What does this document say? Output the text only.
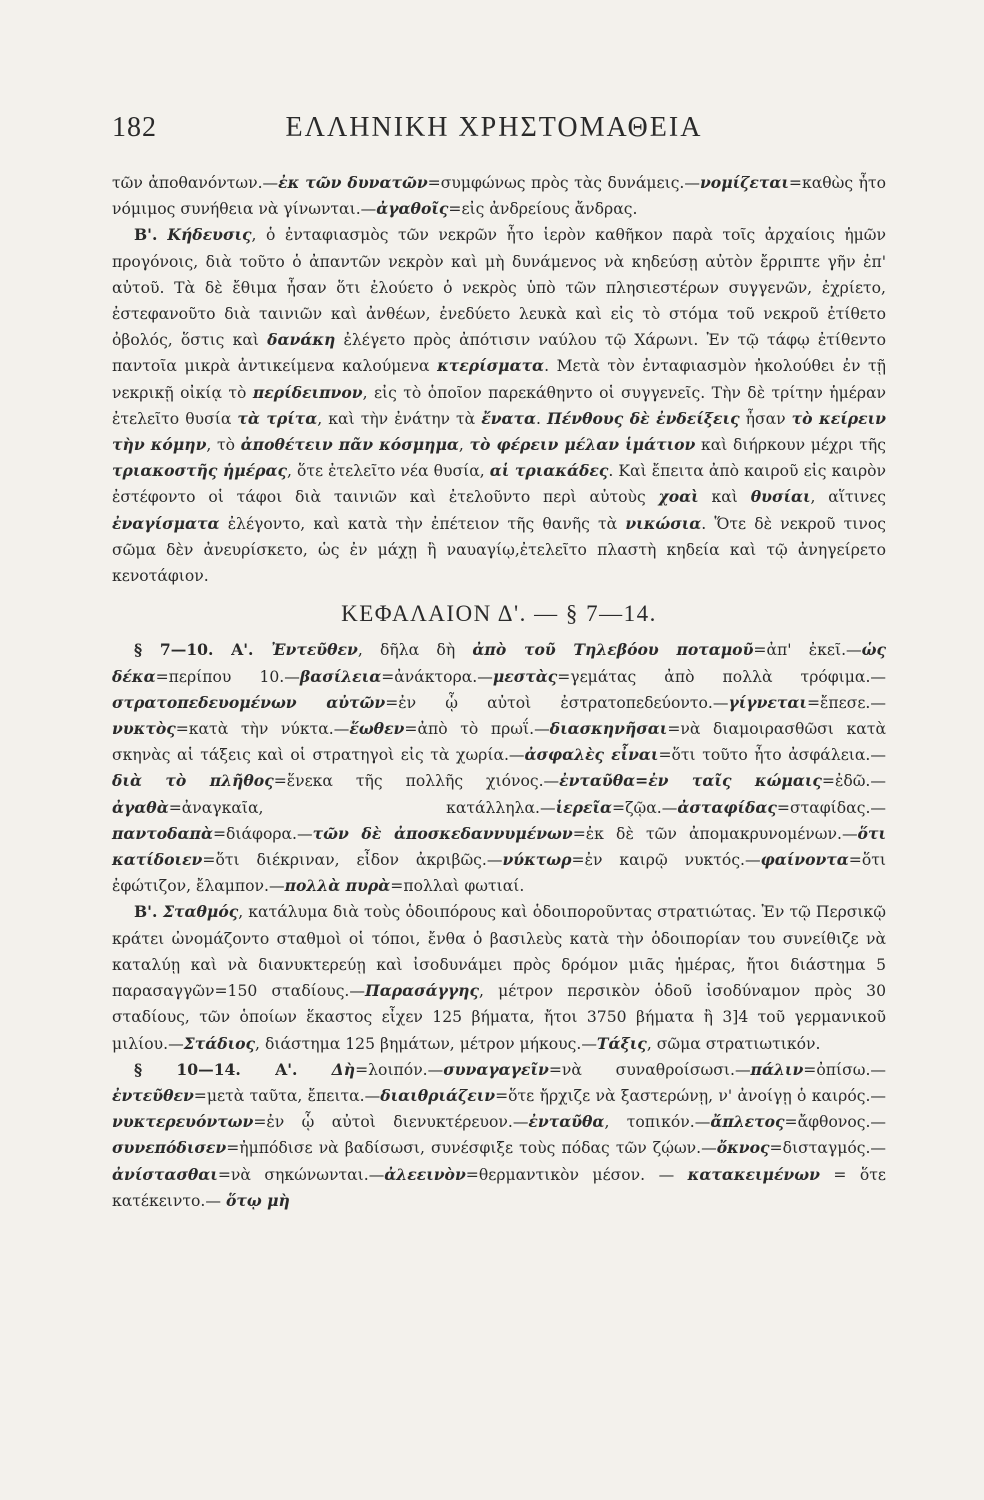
182	ΕΛΛΗΝΙΚΗ ΧΡΗΣΤΟΜΑΘΕΙΑ

τῶν ἀποθανόντων.—ἐκ τῶν δυνατῶν=συμφώνως πρὸς τὰς δυνάμεις.—νομίζεται=καθὼς ἦτο νόμιμος συνήθεια νὰ γίνωνται.—ἀγαθοῖς=εἰς ἀνδρείους ἄνδρας.

Β'. Κήδευσις, ὁ ἐνταφιασμὸς τῶν νεκρῶν ἦτο ἱερὸν καθῆκον παρὰ τοῖς ἀρχαίοις ἡμῶν προγόνοις, διὰ τοῦτο ὁ ἀπαντῶν νεκρὸν καὶ μὴ δυνάμενος νὰ κηδεύσῃ αὐτὸν ἔρριπτε γῆν ἐπ' αὐτοῦ. Τὰ δὲ ἔθιμα ἦσαν ὅτι ἐλούετο ὁ νεκρὸς ὑπὸ τῶν πλησιεστέρων συγγενῶν, ἐχρίετο, ἐστεφανοῦτο διὰ ταινιῶν καὶ ἀνθέων, ἐνεδύετο λευκὰ καὶ εἰς τὸ στόμα τοῦ νεκροῦ ἐτίθετο ὀβολός, ὅστις καὶ δανάκη ἐλέγετο πρὸς ἀπότισιν ναύλου τῷ Χάρωνι. Ἐν τῷ τάφῳ ἐτίθεντο παντοῖα μικρὰ ἀντικείμενα καλούμενα κτερίσματα. Μετὰ τὸν ἐνταφιασμὸν ἠκολούθει ἐν τῇ νεκρικῇ οἰκίᾳ τὸ περίδειπνον, εἰς τὸ ὁποῖον παρεκάθηντο οἱ συγγενεῖς. Τὴν δὲ τρίτην ἡμέραν ἐτελεῖτο θυσία τὰ τρίτα, καὶ τὴν ἐνάτην τὰ ἔνατα. Πένθους δὲ ἐνδείξεις ἦσαν τὸ κείρειν τὴν κόμην, τὸ ἀποθέτειν πᾶν κόσμημα, τὸ φέρειν μέλαν ἱμάτιον καὶ διήρκουν μέχρι τῆς τριακοστῆς ἡμέρας, ὅτε ἐτελεῖτο νέα θυσία, αἱ τριακάδες. Καὶ ἔπειτα ἀπὸ καιροῦ εἰς καιρὸν ἐστέφοντο οἱ τάφοι διὰ ταινιῶν καὶ ἐτελοῦντο περὶ αὐτοὺς χοαὶ καὶ θυσίαι, αἵτινες ἐναγίσματα ἐλέγοντο, καὶ κατὰ τὴν ἐπέτειον τῆς θανῆς τὰ νικώσια. Ὅτε δὲ νεκροῦ τινος σῶμα δὲν ἀνευρίσκετο, ὡς ἐν μάχῃ ἢ ναυαγίῳ,ἐτελεῖτο πλαστὴ κηδεία καὶ τῷ ἀνηγείρετο κενοτάφιον.

ΚΕΦΑΛΑΙΟΝ Δ'. — § 7—14.

§ 7—10. Α'. Ἐντεῦθεν, δῆλα δὴ ἀπὸ τοῦ Τηλεβόου ποταμοῦ=ἀπ' ἐκεῖ.—ὡς δέκα=περίπου 10.—βασίλεια=ἀνάκτορα.—μεστὰς=γεμάτας ἀπὸ πολλὰ τρόφιμα.—στρατοπεδευομένων αὐτῶν=ἐν ᾧ αὐτοὶ ἐστρατοπεδεύοντο.—γίγνεται=ἔπεσε.—νυκτὸς=κατὰ τὴν νύκτα.—ἕωθεν=ἀπὸ τὸ πρωΐ.—διασκηνῆσαι=νὰ διαμοιρασθῶσι κατὰ σκηνὰς αἱ τάξεις καὶ οἱ στρατηγοὶ εἰς τὰ χωρία.—ἀσφαλὲς εἶναι=ὅτι τοῦτο ἦτο ἀσφάλεια.—διὰ τὸ πλῆθος=ἕνεκα τῆς πολλῆς χιόνος.—ἐνταῦθα=ἐν ταῖς κώμαις=ἐδῶ.—ἀγαθὰ=ἀναγκαῖα, κατάλληλα.—ἱερεῖα=ζῷα.—ἀσταφίδας=σταφίδας.—παντοδαπὰ=διάφορα.—τῶν δὲ ἀποσκεδαννυμένων=ἐκ δὲ τῶν ἀπομακρυνομένων.—ὅτι κατίδοιεν=ὅτι διέκριναν, εἶδον ἀκριβῶς.—νύκτωρ=ἐν καιρῷ νυκτός.—φαίνοντα=ὅτι ἐφώτιζον, ἔλαμπον.—πολλὰ πυρὰ=πολλαὶ φωτιαί.

Β'. Σταθμός, κατάλυμα διὰ τοὺς ὁδοιπόρους καὶ ὁδοιποροῦντας στρατιώτας. Ἐν τῷ Περσικῷ κράτει ὠνομάζοντο σταθμοὶ οἱ τόποι, ἔνθα ὁ βασιλεὺς κατὰ τὴν ὁδοιπορίαν του συνείθιζε νὰ καταλύῃ καὶ νὰ διανυκτερεύῃ καὶ ἰσοδυνάμει πρὸς δρόμον μιᾶς ἡμέρας, ἤτοι διάστημα 5 παρασαγγῶν=150 σταδίους.—Παρασάγγης, μέτρον περσικὸν ὁδοῦ ἰσοδύναμον πρὸς 30 σταδίους, τῶν ὁποίων ἕκαστος εἶχεν 125 βήματα, ἤτοι 3750 βήματα ἢ 3]4 τοῦ γερμανικοῦ μιλίου.—Στάδιος, διάστημα 125 βημάτων, μέτρον μήκους.—Τάξις, σῶμα στρατιωτικόν.

§ 10—14. Α'. Δὴ=λοιπόν.—συναγαγεῖν=νὰ συναθροίσωσι.—πάλιν=ὀπίσω.—ἐντεῦθεν=μετὰ ταῦτα, ἔπειτα.—διαιθριάζειν=ὅτε ἤρχιζε νὰ ξαστερώνῃ, ν' ἀνοίγῃ ὁ καιρός.—νυκτερευόντων=ἐν ᾧ αὐτοὶ διενυκτέρευον.—ἐνταῦθα, τοπικόν.—ἄπλετος=ἄφθονος.—συνεπόδισεν=ἠμπόδισε νὰ βαδίσωσι, συνέσφιξε τοὺς πόδας τῶν ζῴων.—ὄκνος=δισταγμός.—ἀνίστασθαι=νὰ σηκώνωνται.—ἀλεεινὸν=θερμαντικὸν μέσον. — κατακειμένων = ὅτε κατέκειντο.— ὅτῳ μὴ
